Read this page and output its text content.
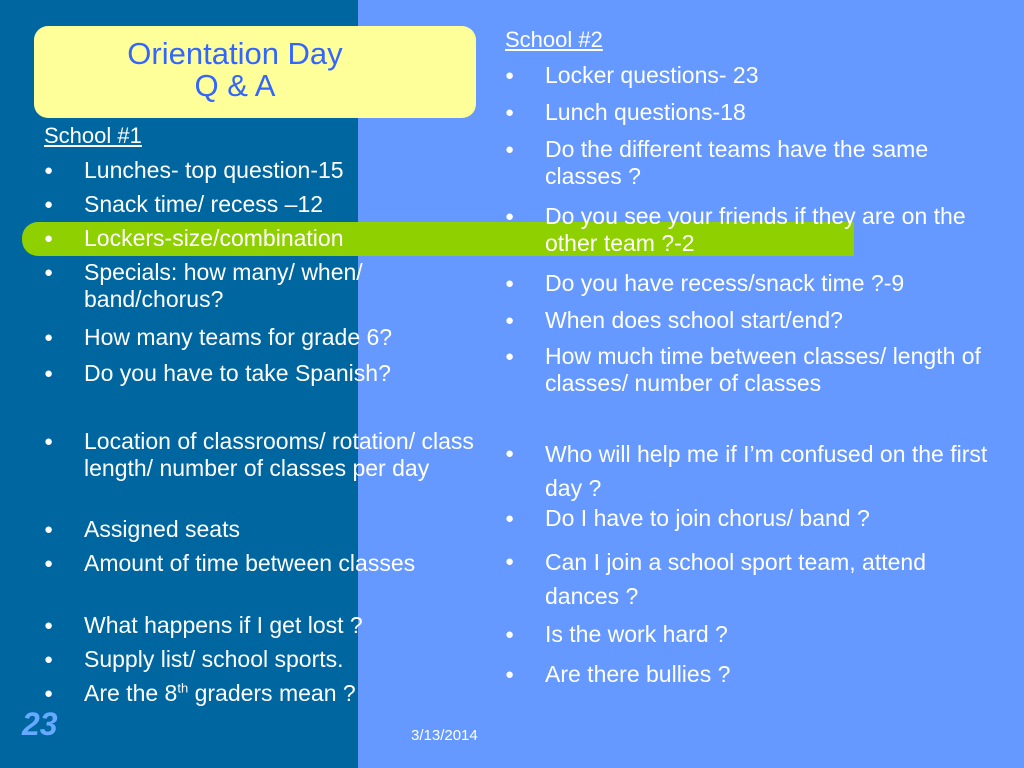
Orientation Day
Q & A
School #1
● Lunches- top question-15
● Snack time/ recess –12
● Lockers-size/combination
● Specials: how many/ when/ band/chorus?
● How many teams for grade 6?
● Do you have to take Spanish?
● Location of classrooms/ rotation/ class length/ number of classes per day
● Assigned seats
● Amount of time between classes
● What happens if I get lost ?
● Supply list/ school sports.
● Are the 8th graders mean ?
School #2
● Locker questions- 23
● Lunch questions-18
● Do the different teams have the same classes ?
● Do you see your friends if they are on the other team ?-2
● Do you have recess/snack time ?-9
● When does school start/end?
● How much time between classes/ length of classes/ number of classes
● Who will help me if I’m confused on the first day ?
● Do I have to join chorus/ band ?
● Can I join a school sport team, attend dances ?
● Is the work hard ?
● Are there bullies ?
23	3/13/2014
